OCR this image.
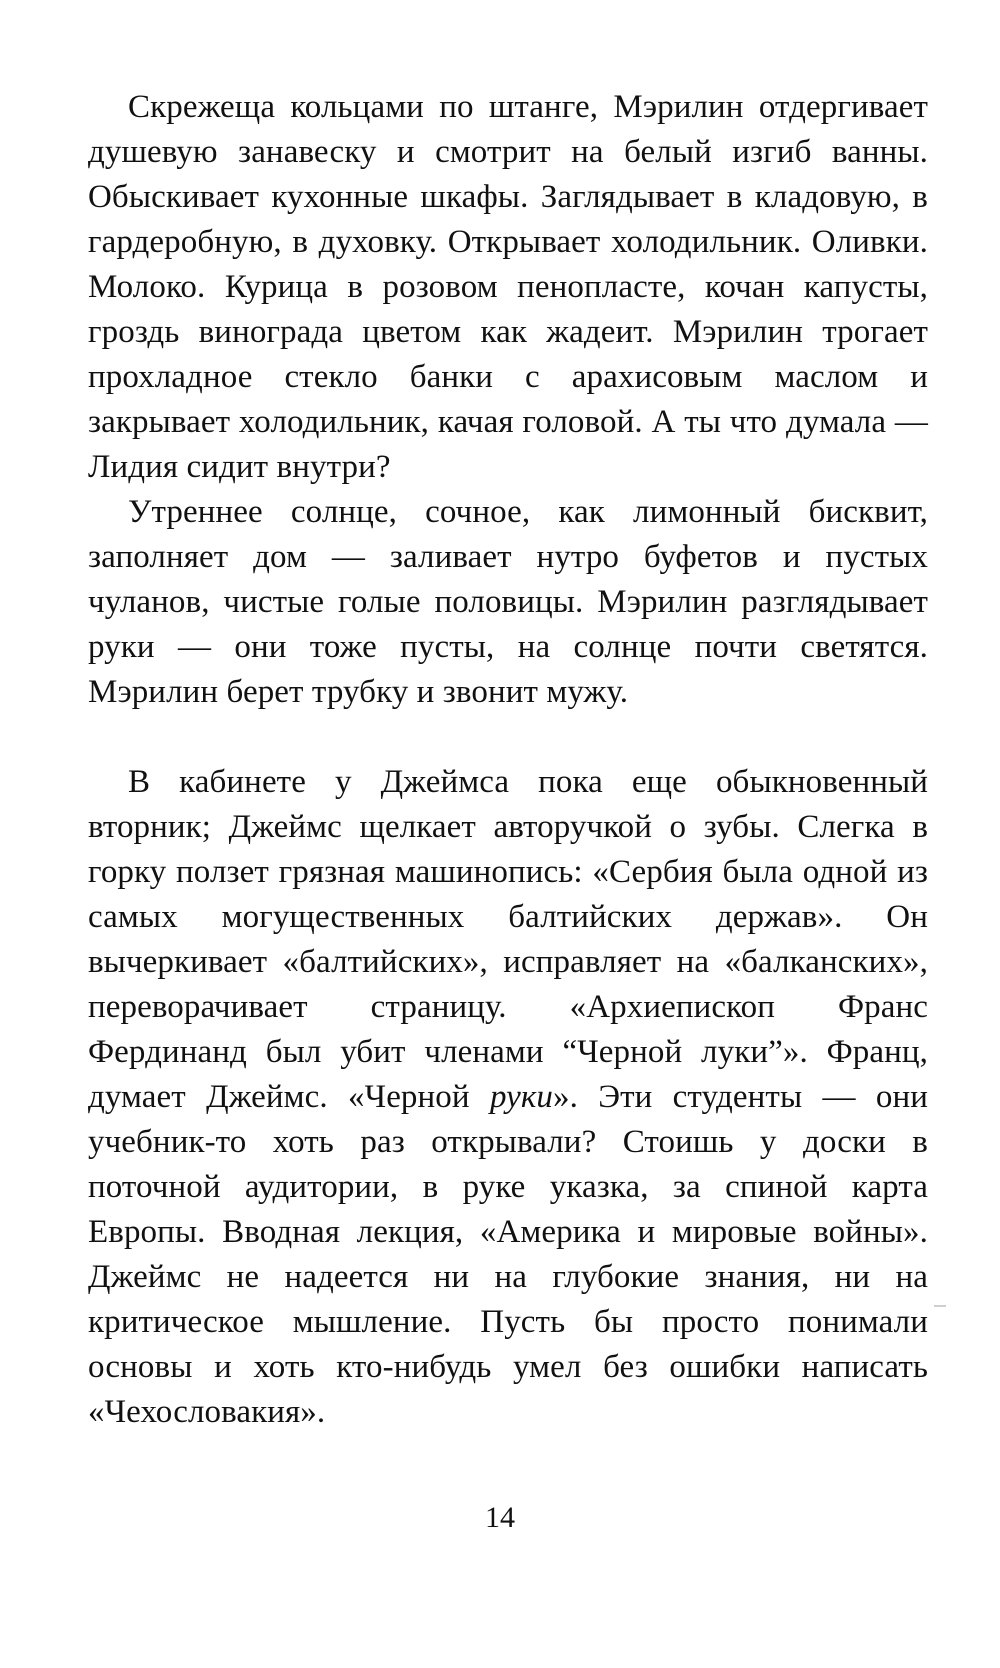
Скрежеща кольцами по штанге, Мэрилин отдергивает душевую занавеску и смотрит на белый изгиб ванны. Обыскивает кухонные шкафы. Заглядывает в кладовую, в гардеробную, в духовку. Открывает холодильник. Оливки. Молоко. Курица в розовом пенопласте, кочан капусты, гроздь винограда цветом как жадеит. Мэрилин трогает прохладное стекло банки с арахисовым маслом и закрывает холодильник, качая головой. А ты что думала — Лидия сидит внутри?

Утреннее солнце, сочное, как лимонный бисквит, заполняет дом — заливает нутро буфетов и пустых чуланов, чистые голые половицы. Мэрилин разглядывает руки — они тоже пусты, на солнце почти светятся. Мэрилин берет трубку и звонит мужу.

В кабинете у Джеймса пока еще обыкновенный вторник; Джеймс щелкает авторучкой о зубы. Слегка в горку ползет грязная машинопись: «Сербия была одной из самых могущественных балтийских держав». Он вычеркивает «балтийских», исправляет на «балканских», переворачивает страницу. «Архиепископ Франс Фердинанд был убит членами “Черной луки”». Франц, думает Джеймс. «Черной руки». Эти студенты — они учебник-то хоть раз открывали? Стоишь у доски в поточной аудитории, в руке указка, за спиной карта Европы. Вводная лекция, «Америка и мировые войны». Джеймс не надеется ни на глубокие знания, ни на критическое мышление. Пусть бы просто понимали основы и хоть кто-нибудь умел без ошибки написать «Чехословакия».

14
